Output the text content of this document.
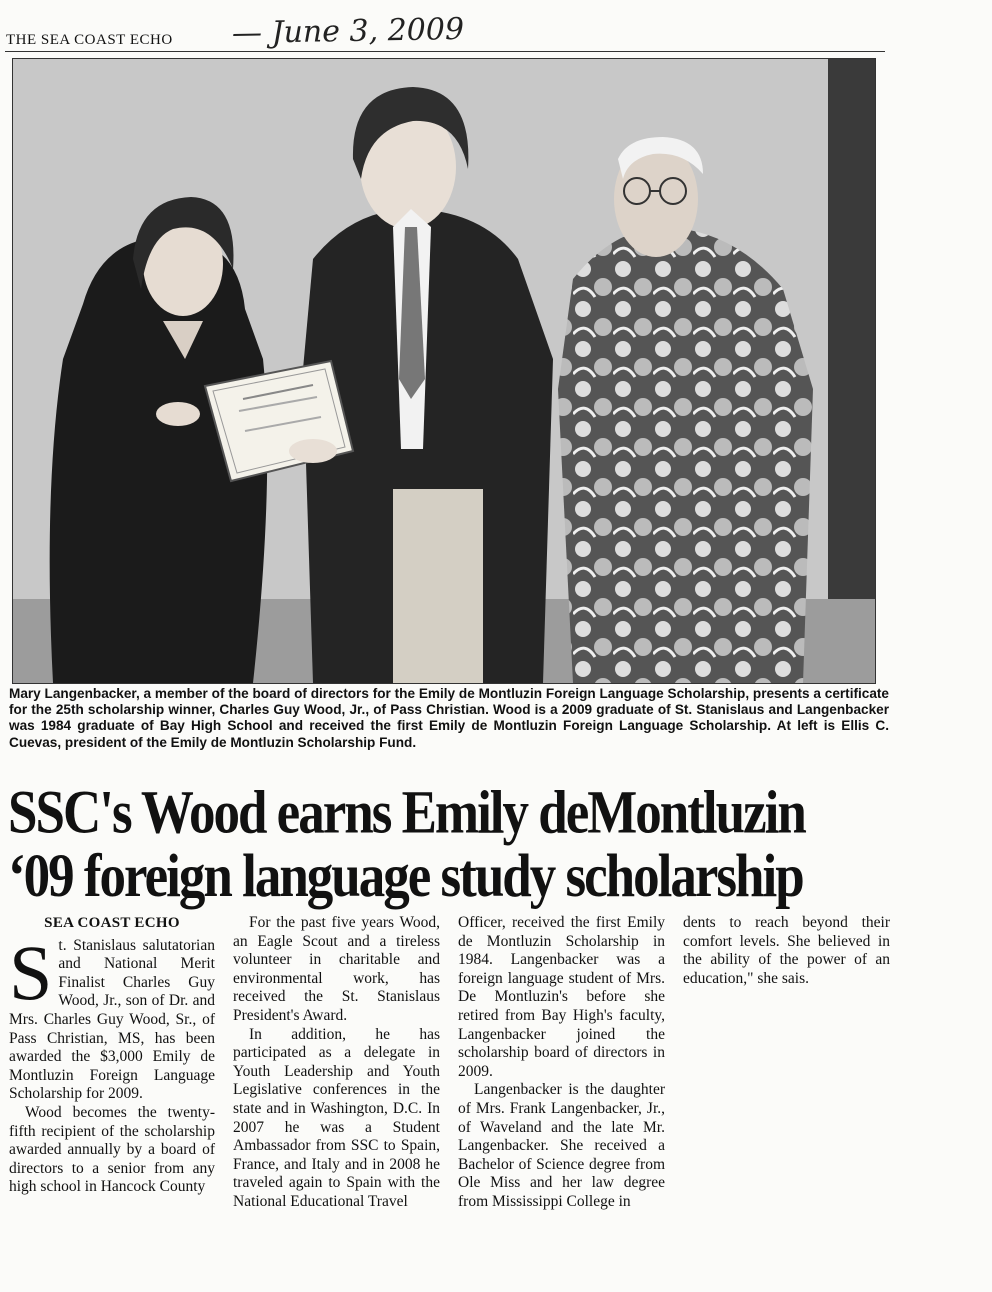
THE SEA COAST ECHO — June 3, 2009
Mary Langenbacker, a member of the board of directors for the Emily de Montluzin Foreign Language Scholarship, presents a certificate for the 25th scholarship winner, Charles Guy Wood, Jr., of Pass Christian. Wood is a 2009 graduate of St. Stanislaus and Langenbacker was 1984 graduate of Bay High School and received the first Emily de Montluzin Foreign Language Scholarship. At left is Ellis C. Cuevas, president of the Emily de Montluzin Scholarship Fund.
SSC's Wood earns Emily deMontluzin
‘09 foreign language study scholarship
SEA COAST ECHO

St. Stanislaus salutatorian and National Merit Finalist Charles Guy Wood, Jr., son of Dr. and Mrs. Charles Guy Wood, Sr., of Pass Christian, MS, has been awarded the $3,000 Emily de Montluzin Foreign Language Scholarship for 2009.

Wood becomes the twenty-fifth recipient of the scholarship awarded annually by a board of directors to a senior from any high school in Hancock County

For the past five years Wood, an Eagle Scout and a tireless volunteer in charitable and environmental work, has received the St. Stanislaus President's Award.

In addition, he has participated as a delegate in Youth Leadership and Youth Legislative conferences in the state and in Washington, D.C. In 2007 he was a Student Ambassador from SSC to Spain, France, and Italy and in 2008 he traveled again to Spain with the National Educational Travel

Officer, received the first Emily de Montluzin Scholarship in 1984. Langenbacker was a foreign language student of Mrs. De Montluzin's before she retired from Bay High's faculty, Langenbacker joined the scholarship board of directors in 2009.

Langenbacker is the daughter of Mrs. Frank Langenbacker, Jr., of Waveland and the late Mr. Langenbacker. She received a Bachelor of Science degree from Ole Miss and her law degree from Mississippi College in

dents to reach beyond their comfort levels. She believed in the ability of the power of an education," she sais.
